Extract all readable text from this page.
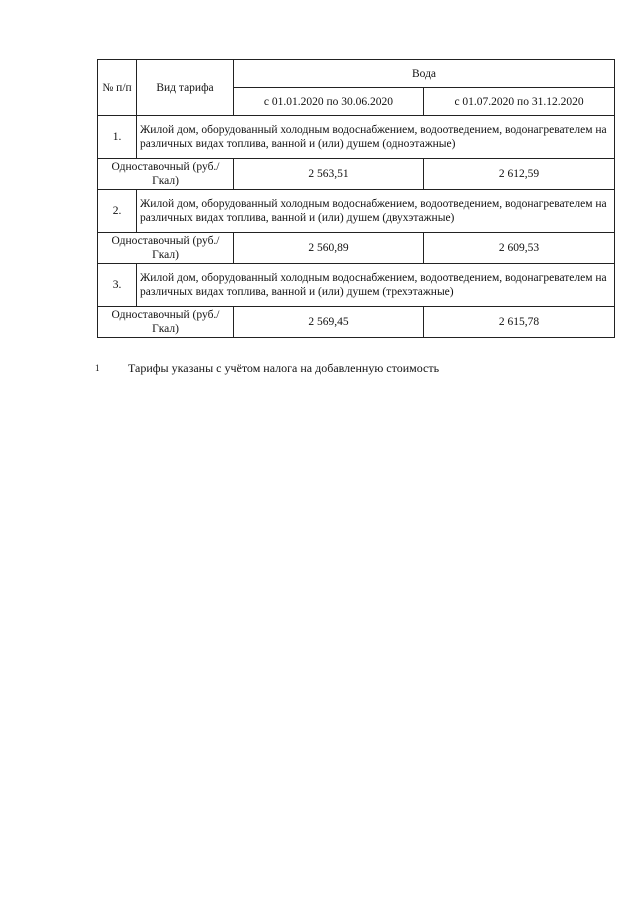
№ п/п	Вид тарифа	Вода	
		с 01.01.2020 по 30.06.2020	с 01.07.2020 по 31.12.2020
1.	Жилой дом, оборудованный холодным водоснабжением, водоотведением, водонагревателем на различных видах топлива, ванной и (или) душем (одноэтажные)		
Одноставочный (руб./Гкал)		2 563,51	2 612,59
2.	Жилой дом, оборудованный холодным водоснабжением, водоотведением, водонагревателем на различных видах топлива, ванной и (или) душем (двухэтажные)		
Одноставочный (руб./Гкал)		2 560,89	2 609,53
3.	Жилой дом, оборудованный холодным водоснабжением, водоотведением, водонагревателем на различных видах топлива, ванной и (или) душем (трехэтажные)		
Одноставочный (руб./Гкал)		2 569,45	2 615,78
1 Тарифы указаны с учётом налога на добавленную стоимость
